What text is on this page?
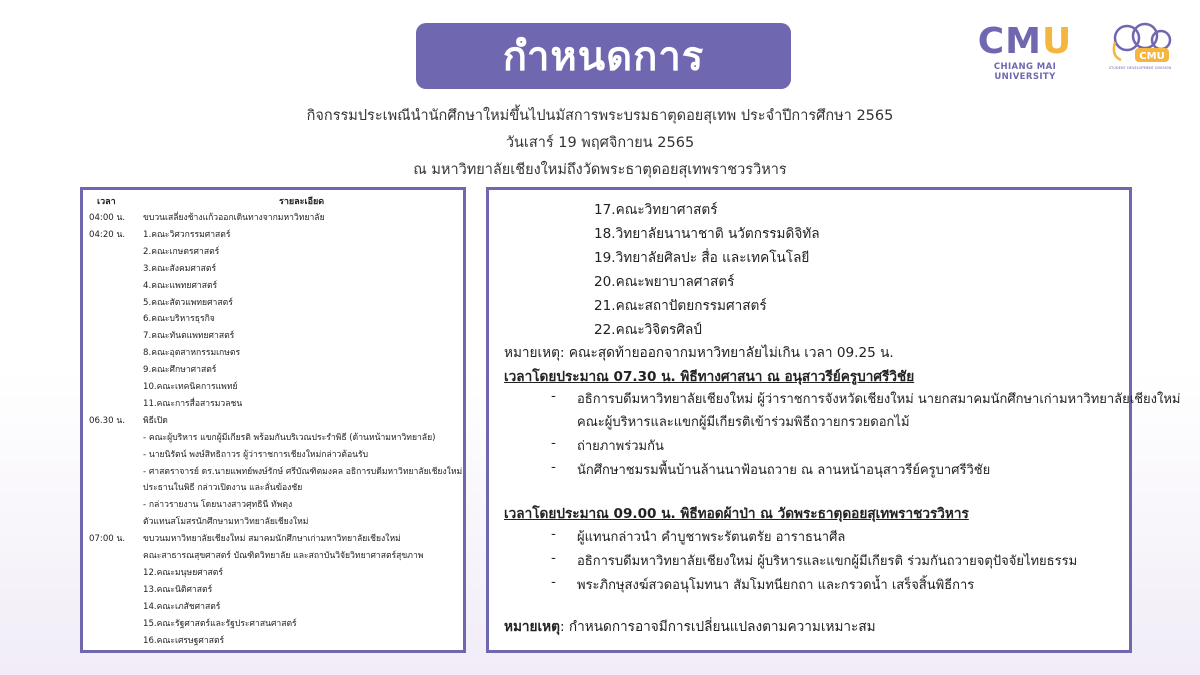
กำหนดการ
กิจกรรมประเพณีนำนักศึกษาใหม่ขึ้นไปนมัสการพระบรมธาตุดอยสุเทพ ประจำปีการศึกษา 2565
วันเสาร์ 19 พฤศจิกายน 2565
ณ มหาวิทยาลัยเชียงใหม่ถึงวัดพระธาตุดอยสุเทพราชวรวิหาร
CMU
CHIANG MAI UNIVERSITY
CMU
STUDENT DEVELOPMENT DIVISION
เวลา	รายละเอียด
04:00 น. ขบวนเสลี่ยงช้างแก้วออกเดินทางจากมหาวิทยาลัย
04:20 น. 1.คณะวิศวกรรมศาสตร์
2.คณะเกษตรศาสตร์
3.คณะสังคมศาสตร์
4.คณะแพทยศาสตร์
5.คณะสัตวแพทยศาสตร์
6.คณะบริหารธุรกิจ
7.คณะทันตแพทยศาสตร์
8.คณะอุตสาหกรรมเกษตร
9.คณะศึกษาศาสตร์
10.คณะเทคนิคการแพทย์
11.คณะการสื่อสารมวลชน
06.30 น. พิธีเปิด
- คณะผู้บริหาร แขกผู้มีเกียรติ พร้อมกันบริเวณประรำพิธี (ด้านหน้ามหาวิทยาลัย)
- นายนิรัตน์ พงษ์สิทธิถาวร ผู้ว่าราชการเชียงใหม่กล่าวต้อนรับ
- ศาสตราจารย์ ดร.นายแพทย์พงษ์รักษ์ ศรีบัณฑิตมงคล อธิการบดีมหาวิทยาลัยเชียงใหม่
ประธานในพิธี กล่าวเปิดงาน และลั่นฆ้องชัย
- กล่าวรายงาน โดยนางสาวศุทธินี ทัพตุง
ตัวแทนสโมสรนักศึกษามหาวิทยาลัยเชียงใหม่
07:00 น. ขบวนมหาวิทยาลัยเชียงใหม่ สมาคมนักศึกษาเก่ามหาวิทยาลัยเชียงใหม่
คณะสาธารณสุขศาสตร์ บัณฑิตวิทยาลัย และสถาบันวิจัยวิทยาศาสตร์สุขภาพ
12.คณะมนุษยศาสตร์
13.คณะนิติศาสตร์
14.คณะเภสัชศาสตร์
15.คณะรัฐศาสตร์และรัฐประศาสนศาสตร์
16.คณะเศรษฐศาสตร์
17.คณะวิทยาศาสตร์
18.วิทยาลัยนานาชาติ นวัตกรรมดิจิทัล
19.วิทยาลัยศิลปะ สื่อ และเทคโนโลยี
20.คณะพยาบาลศาสตร์
21.คณะสถาปัตยกรรมศาสตร์
22.คณะวิจิตรศิลป์
หมายเหตุ: คณะสุดท้ายออกจากมหาวิทยาลัยไม่เกิน เวลา 09.25 น.
เวลาโดยประมาณ 07.30 น. พิธีทางศาสนา ณ อนุสาวรีย์ครูบาศรีวิชัย
- อธิการบดีมหาวิทยาลัยเชียงใหม่ ผู้ว่าราชการจังหวัดเชียงใหม่ นายกสมาคมนักศึกษาเก่ามหาวิทยาลัยเชียงใหม่
คณะผู้บริหารและแขกผู้มีเกียรติเข้าร่วมพิธีถวายกรวยดอกไม้
- ถ่ายภาพร่วมกัน
- นักศึกษาชมรมพื้นบ้านล้านนาฟ้อนถวาย ณ ลานหน้าอนุสาวรีย์ครูบาศรีวิชัย
เวลาโดยประมาณ 09.00 น. พิธีทอดผ้าป่า ณ วัดพระธาตุดอยสุเทพราชวรวิหาร
- ผู้แทนกล่าวนำ คำบูชาพระรัตนตรัย อาราธนาศีล
- อธิการบดีมหาวิทยาลัยเชียงใหม่ ผู้บริหารและแขกผู้มีเกียรติ ร่วมกันถวายจตุปัจจัยไทยธรรม
- พระภิกษุสงฆ์สวดอนุโมทนา สัมโมทนียกถา และกรวดน้ำ เสร็จสิ้นพิธีการ
หมายเหตุ: กำหนดการอาจมีการเปลี่ยนแปลงตามความเหมาะสม
